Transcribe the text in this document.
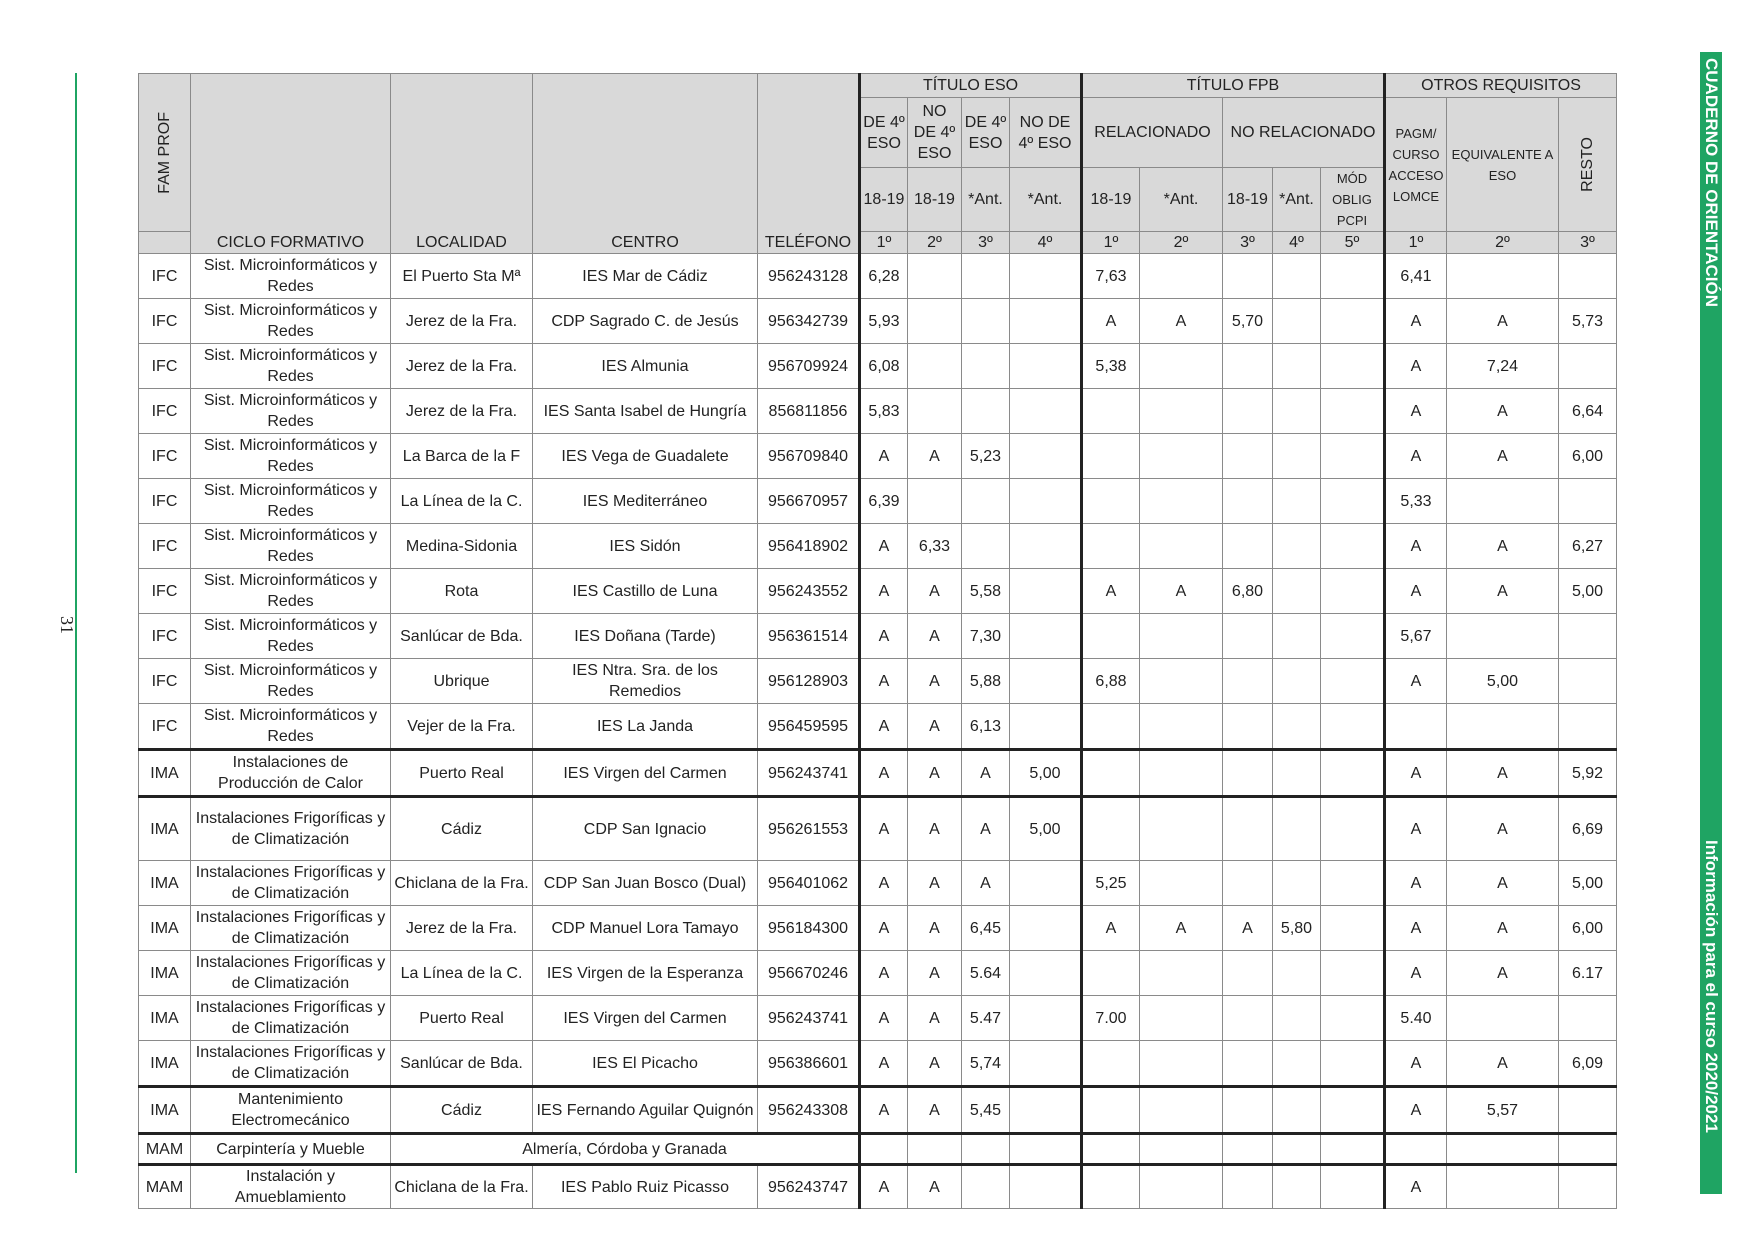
31
CUADERNO DE ORIENTACIÓN
Información para el curso 2020/2021
FAM PROF	CICLO FORMATIVO	LOCALIDAD	CENTRO	TELÉFONO	TÍTULO ESO				TÍTULO FPB					OTROS REQUISITOS		
					DE 4º ESO	NO DE 4º ESO	DE 4º ESO	NO DE 4º ESO	RELACIONADO		NO RELACIONADO			PAGM/ CURSO ACCESO LOMCE	EQUIVALENTE A ESO	RESTO

					18-19	18-19	*Ant.	*Ant.	18-19	*Ant.	18-19	*Ant.	MÓD OBLIG PCPI			
					1º	2º	3º	4º	1º	2º	3º	4º	5º	1º	2º	3º
IFC	Sist. Microinformáticos y Redes	El Puerto Sta Mª	IES Mar de Cádiz	956243128	6,28				7,63					6,41		
IFC	Sist. Microinformáticos y Redes	Jerez de la Fra.	CDP Sagrado C. de Jesús	956342739	5,93				A	A	5,70			A	A	5,73
IFC	Sist. Microinformáticos y Redes	Jerez de la Fra.	IES Almunia	956709924	6,08				5,38					A	7,24	
IFC	Sist. Microinformáticos y Redes	Jerez de la Fra.	IES Santa Isabel de Hungría	856811856	5,83									A	A	6,64
IFC	Sist. Microinformáticos y Redes	La Barca de la F	IES Vega de Guadalete	956709840	A	A	5,23							A	A	6,00
IFC	Sist. Microinformáticos y Redes	La Línea de la C.	IES Mediterráneo	956670957	6,39									5,33		
IFC	Sist. Microinformáticos y Redes	Medina-Sidonia	IES Sidón	956418902	A	6,33								A	A	6,27
IFC	Sist. Microinformáticos y Redes	Rota	IES Castillo de Luna	956243552	A	A	5,58		A	A	6,80			A	A	5,00
IFC	Sist. Microinformáticos y Redes	Sanlúcar de Bda.	IES Doñana (Tarde)	956361514	A	A	7,30							5,67		
IFC	Sist. Microinformáticos y Redes	Ubrique	IES Ntra. Sra. de los Remedios	956128903	A	A	5,88		6,88					A	5,00	
IFC	Sist. Microinformáticos y Redes	Vejer de la Fra.	IES La Janda	956459595	A	A	6,13									
IMA	Instalaciones de Producción de Calor	Puerto Real	IES Virgen del Carmen	956243741	A	A	A	5,00						A	A	5,92
IMA	Instalaciones Frigoríficas y de Climatización	Cádiz	CDP San Ignacio	956261553	A	A	A	5,00						A	A	6,69
IMA	Instalaciones Frigoríficas y de Climatización	Chiclana de la Fra.	CDP San Juan Bosco (Dual)	956401062	A	A	A		5,25					A	A	5,00
IMA	Instalaciones Frigoríficas y de Climatización	Jerez de la Fra.	CDP Manuel Lora Tamayo	956184300	A	A	6,45		A	A	A	5,80		A	A	6,00
IMA	Instalaciones Frigoríficas y de Climatización	La Línea de la C.	IES Virgen de la Esperanza	956670246	A	A	5.64							A	A	6.17
IMA	Instalaciones Frigoríficas y de Climatización	Puerto Real	IES Virgen del Carmen	956243741	A	A	5.47		7.00					5.40		
IMA	Instalaciones Frigoríficas y de Climatización	Sanlúcar de Bda.	IES El Picacho	956386601	A	A	5,74							A	A	6,09
IMA	Mantenimiento Electromecánico	Cádiz	IES Fernando Aguilar Quignón	956243308	A	A	5,45							A	5,57	
MAM	Carpintería y Mueble	Almería, Córdoba y Granada														
MAM	Instalación y Amueblamiento	Chiclana de la Fra.	IES Pablo Ruiz Picasso	956243747	A	A								A		
